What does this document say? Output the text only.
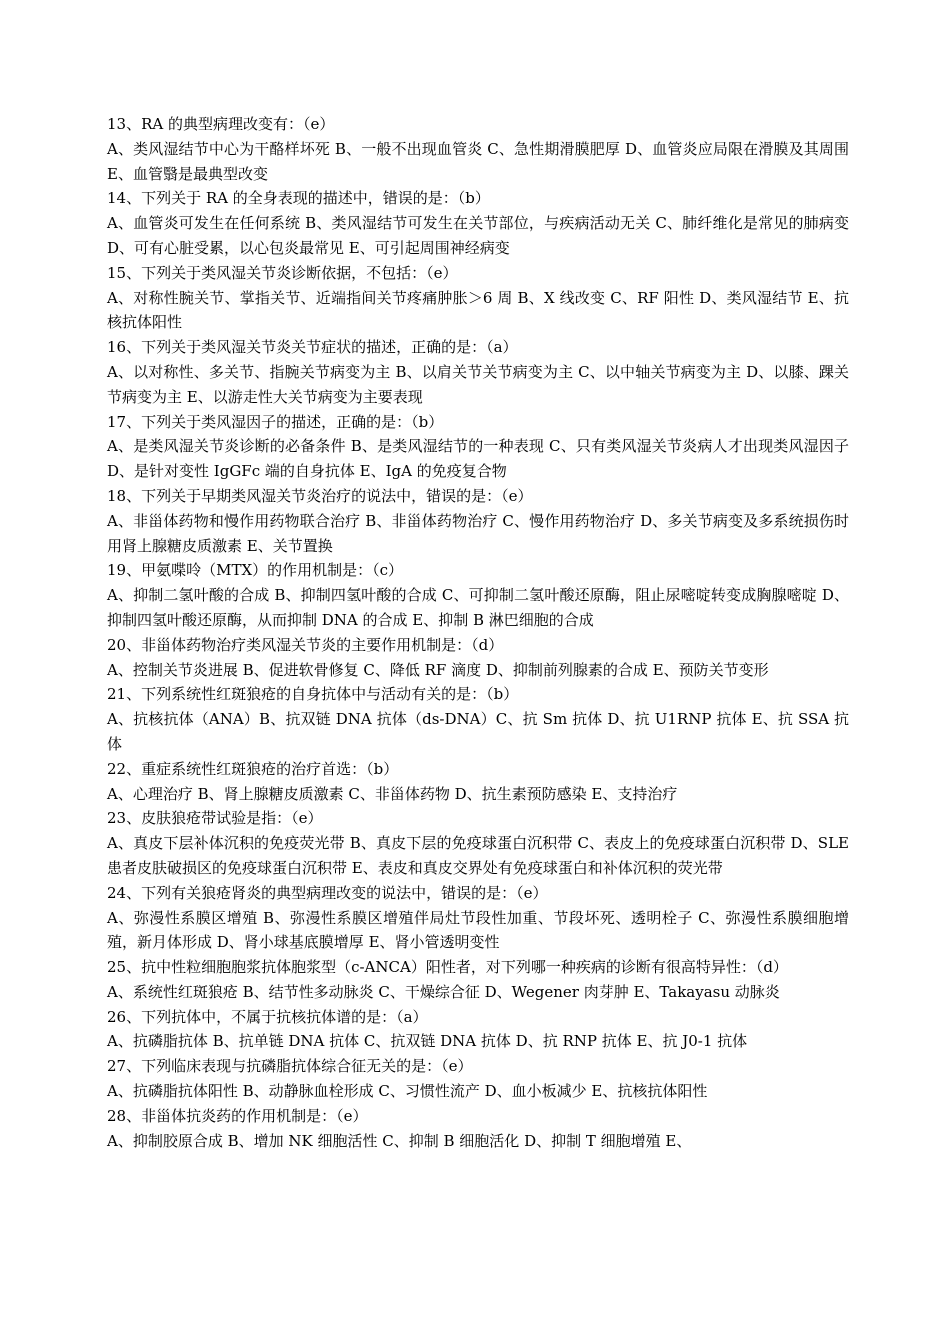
13、RA 的典型病理改变有：（e）

A、类风湿结节中心为干酪样坏死 B、一般不出现血管炎 C、急性期滑膜肥厚 D、血管炎应局限在滑膜及其周围 E、血管翳是最典型改变

14、下列关于 RA 的全身表现的描述中，错误的是：（b）

A、血管炎可发生在任何系统 B、类风湿结节可发生在关节部位，与疾病活动无关 C、肺纤维化是常见的肺病变 D、可有心脏受累，以心包炎最常见 E、可引起周围神经病变

15、下列关于类风湿关节炎诊断依据，不包括：（e）

A、对称性腕关节、掌指关节、近端指间关节疼痛肿胀＞6 周 B、X 线改变 C、RF 阳性 D、类风湿结节 E、抗核抗体阳性

16、下列关于类风湿关节炎关节症状的描述，正确的是：（a）

A、以对称性、多关节、指腕关节病变为主 B、以肩关节关节病变为主 C、以中轴关节病变为主 D、以膝、踝关节病变为主 E、以游走性大关节病变为主要表现

17、下列关于类风湿因子的描述，正确的是：（b）

A、是类风湿关节炎诊断的必备条件 B、是类风湿结节的一种表现 C、只有类风湿关节炎病人才出现类风湿因子 D、是针对变性 IgGFc 端的自身抗体 E、IgA 的免疫复合物

18、下列关于早期类风湿关节炎治疗的说法中，错误的是：（e）

A、非甾体药物和慢作用药物联合治疗 B、非甾体药物治疗 C、慢作用药物治疗 D、多关节病变及多系统损伤时用肾上腺糖皮质激素 E、关节置换

19、甲氨喋呤（MTX）的作用机制是：（c）

A、抑制二氢叶酸的合成 B、抑制四氢叶酸的合成 C、可抑制二氢叶酸还原酶，阻止尿嘧啶转变成胸腺嘧啶 D、抑制四氢叶酸还原酶，从而抑制 DNA 的合成 E、抑制 B 淋巴细胞的合成

20、非甾体药物治疗类风湿关节炎的主要作用机制是：（d）

A、控制关节炎进展 B、促进软骨修复 C、降低 RF 滴度 D、抑制前列腺素的合成 E、预防关节变形

21、下列系统性红斑狼疮的自身抗体中与活动有关的是：（b）

A、抗核抗体（ANA）B、抗双链 DNA 抗体（ds-DNA）C、抗 Sm 抗体 D、抗 U1RNP 抗体 E、抗 SSA 抗体

22、重症系统性红斑狼疮的治疗首选：（b）

A、心理治疗 B、肾上腺糖皮质激素 C、非甾体药物 D、抗生素预防感染 E、支持治疗

23、皮肤狼疮带试验是指：（e）

A、真皮下层补体沉积的免疫荧光带 B、真皮下层的免疫球蛋白沉积带 C、表皮上的免疫球蛋白沉积带 D、SLE 患者皮肤破损区的免疫球蛋白沉积带 E、表皮和真皮交界处有免疫球蛋白和补体沉积的荧光带

24、下列有关狼疮肾炎的典型病理改变的说法中，错误的是：（e）

A、弥漫性系膜区增殖 B、弥漫性系膜区增殖伴局灶节段性加重、节段坏死、透明栓子 C、弥漫性系膜细胞增殖，新月体形成 D、肾小球基底膜增厚 E、肾小管透明变性

25、抗中性粒细胞胞浆抗体胞浆型（c-ANCA）阳性者，对下列哪一种疾病的诊断有很高特异性：（d）

A、系统性红斑狼疮 B、结节性多动脉炎 C、干燥综合征 D、Wegener 肉芽肿 E、Takayasu 动脉炎

26、下列抗体中，不属于抗核抗体谱的是：（a）

A、抗磷脂抗体 B、抗单链 DNA 抗体 C、抗双链 DNA 抗体 D、抗 RNP 抗体 E、抗 J0-1 抗体

27、下列临床表现与抗磷脂抗体综合征无关的是：（e）

A、抗磷脂抗体阳性 B、动静脉血栓形成 C、习惯性流产 D、血小板减少 E、抗核抗体阳性

28、非甾体抗炎药的作用机制是：（e）

A、抑制胶原合成 B、增加 NK 细胞活性 C、抑制 B 细胞活化 D、抑制 T 细胞增殖 E、
